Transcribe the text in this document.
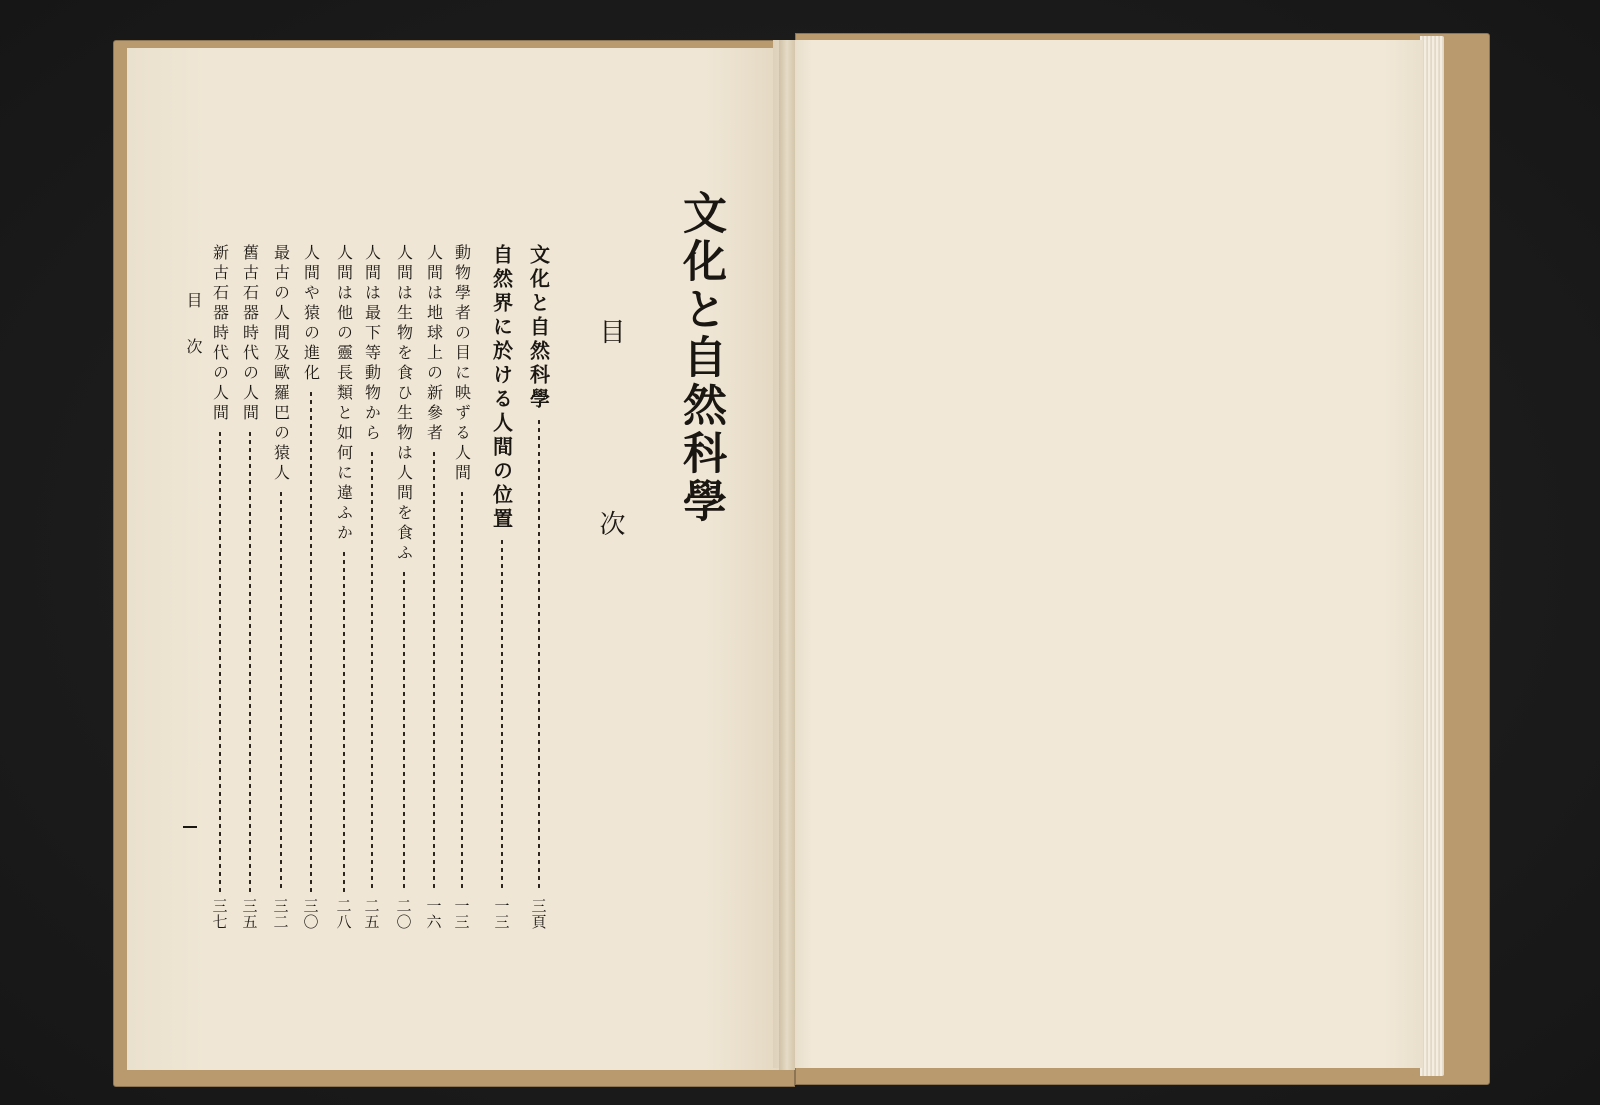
文化と自然科學
目　次
文化と自然科學
三頁
自然界に於ける人間の位置
一三
動物學者の目に映ずる人間
一三
人間は地球上の新參者
一六
人間は生物を食ひ生物は人間を食ふ
二〇
人間は最下等動物から
二五
人間は他の靈長類と如何に違ふか
二八
人間や猿の進化
三〇
最古の人間及歐羅巴の猿人
三二
舊古石器時代の人間
三五
新古石器時代の人間
三七
目次
